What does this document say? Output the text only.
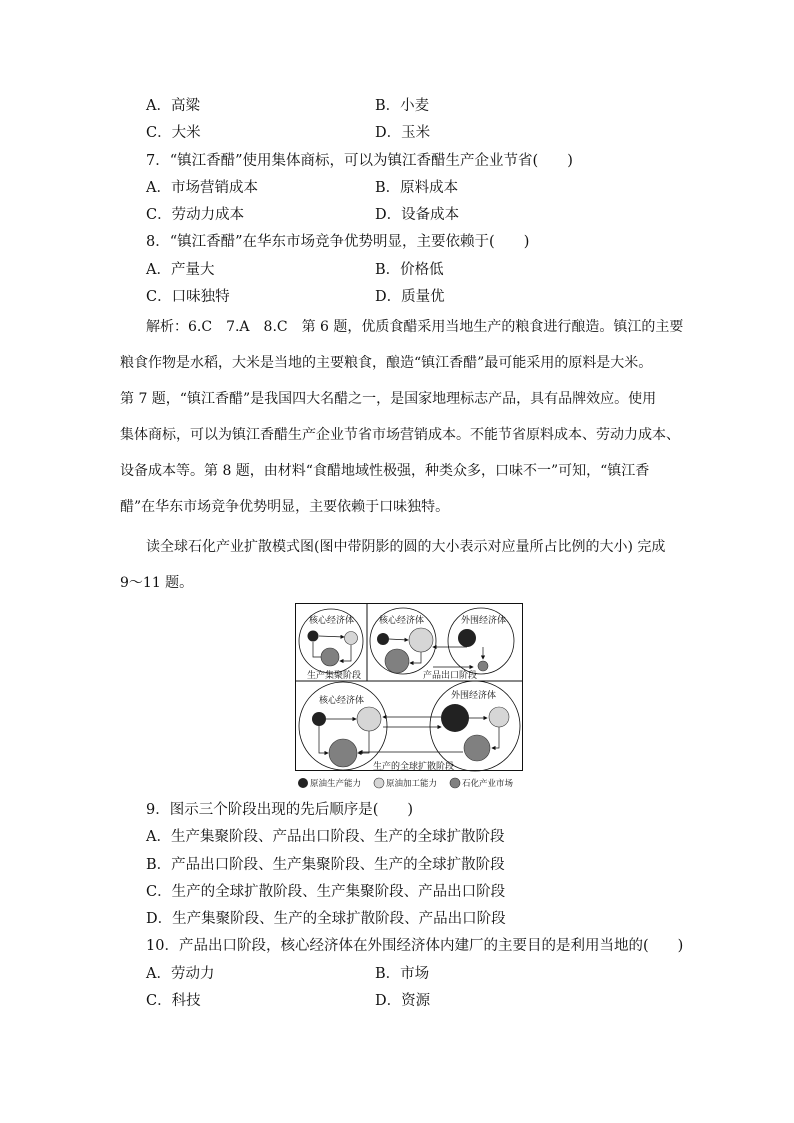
A．高粱	B．小麦
C．大米	D．玉米
7．“镇江香醋”使用集体商标，可以为镇江香醋生产企业节省(　　)
A．市场营销成本	B．原料成本
C．劳动力成本	D．设备成本
8．“镇江香醋”在华东市场竞争优势明显，主要依赖于(　　)
A．产量大	B．价格低
C．口味独特	D．质量优
解析：6.C　7.A　8.C　第 6 题，优质食醋采用当地生产的粮食进行酿造。镇江的主要
粮食作物是水稻，大米是当地的主要粮食，酿造“镇江香醋”最可能采用的原料是大米。
第 7 题，“镇江香醋”是我国四大名醋之一，是国家地理标志产品，具有品牌效应。使用
集体商标，可以为镇江香醋生产企业节省市场营销成本。不能节省原料成本、劳动力成本、
设备成本等。第 8 题，由材料“食醋地域性极强，种类众多，口味不一”可知，“镇江香
醋”在华东市场竞争优势明显，主要依赖于口味独特。
读全球石化产业扩散模式图(图中带阴影的圆的大小表示对应量所占比例的大小) 完成
9～11 题。
核心经济体
生产集聚阶段
核心经济体	外围经济体
产品出口阶段
核心经济体	外围经济体
生产的全球扩散阶段
原油生产能力	原油加工能力	石化产业市场
9．图示三个阶段出现的先后顺序是(　　)
A．生产集聚阶段、产品出口阶段、生产的全球扩散阶段
B．产品出口阶段、生产集聚阶段、生产的全球扩散阶段
C．生产的全球扩散阶段、生产集聚阶段、产品出口阶段
D．生产集聚阶段、生产的全球扩散阶段、产品出口阶段
10．产品出口阶段，核心经济体在外围经济体内建厂的主要目的是利用当地的(　　)
A．劳动力	B．市场
C．科技	D．资源
